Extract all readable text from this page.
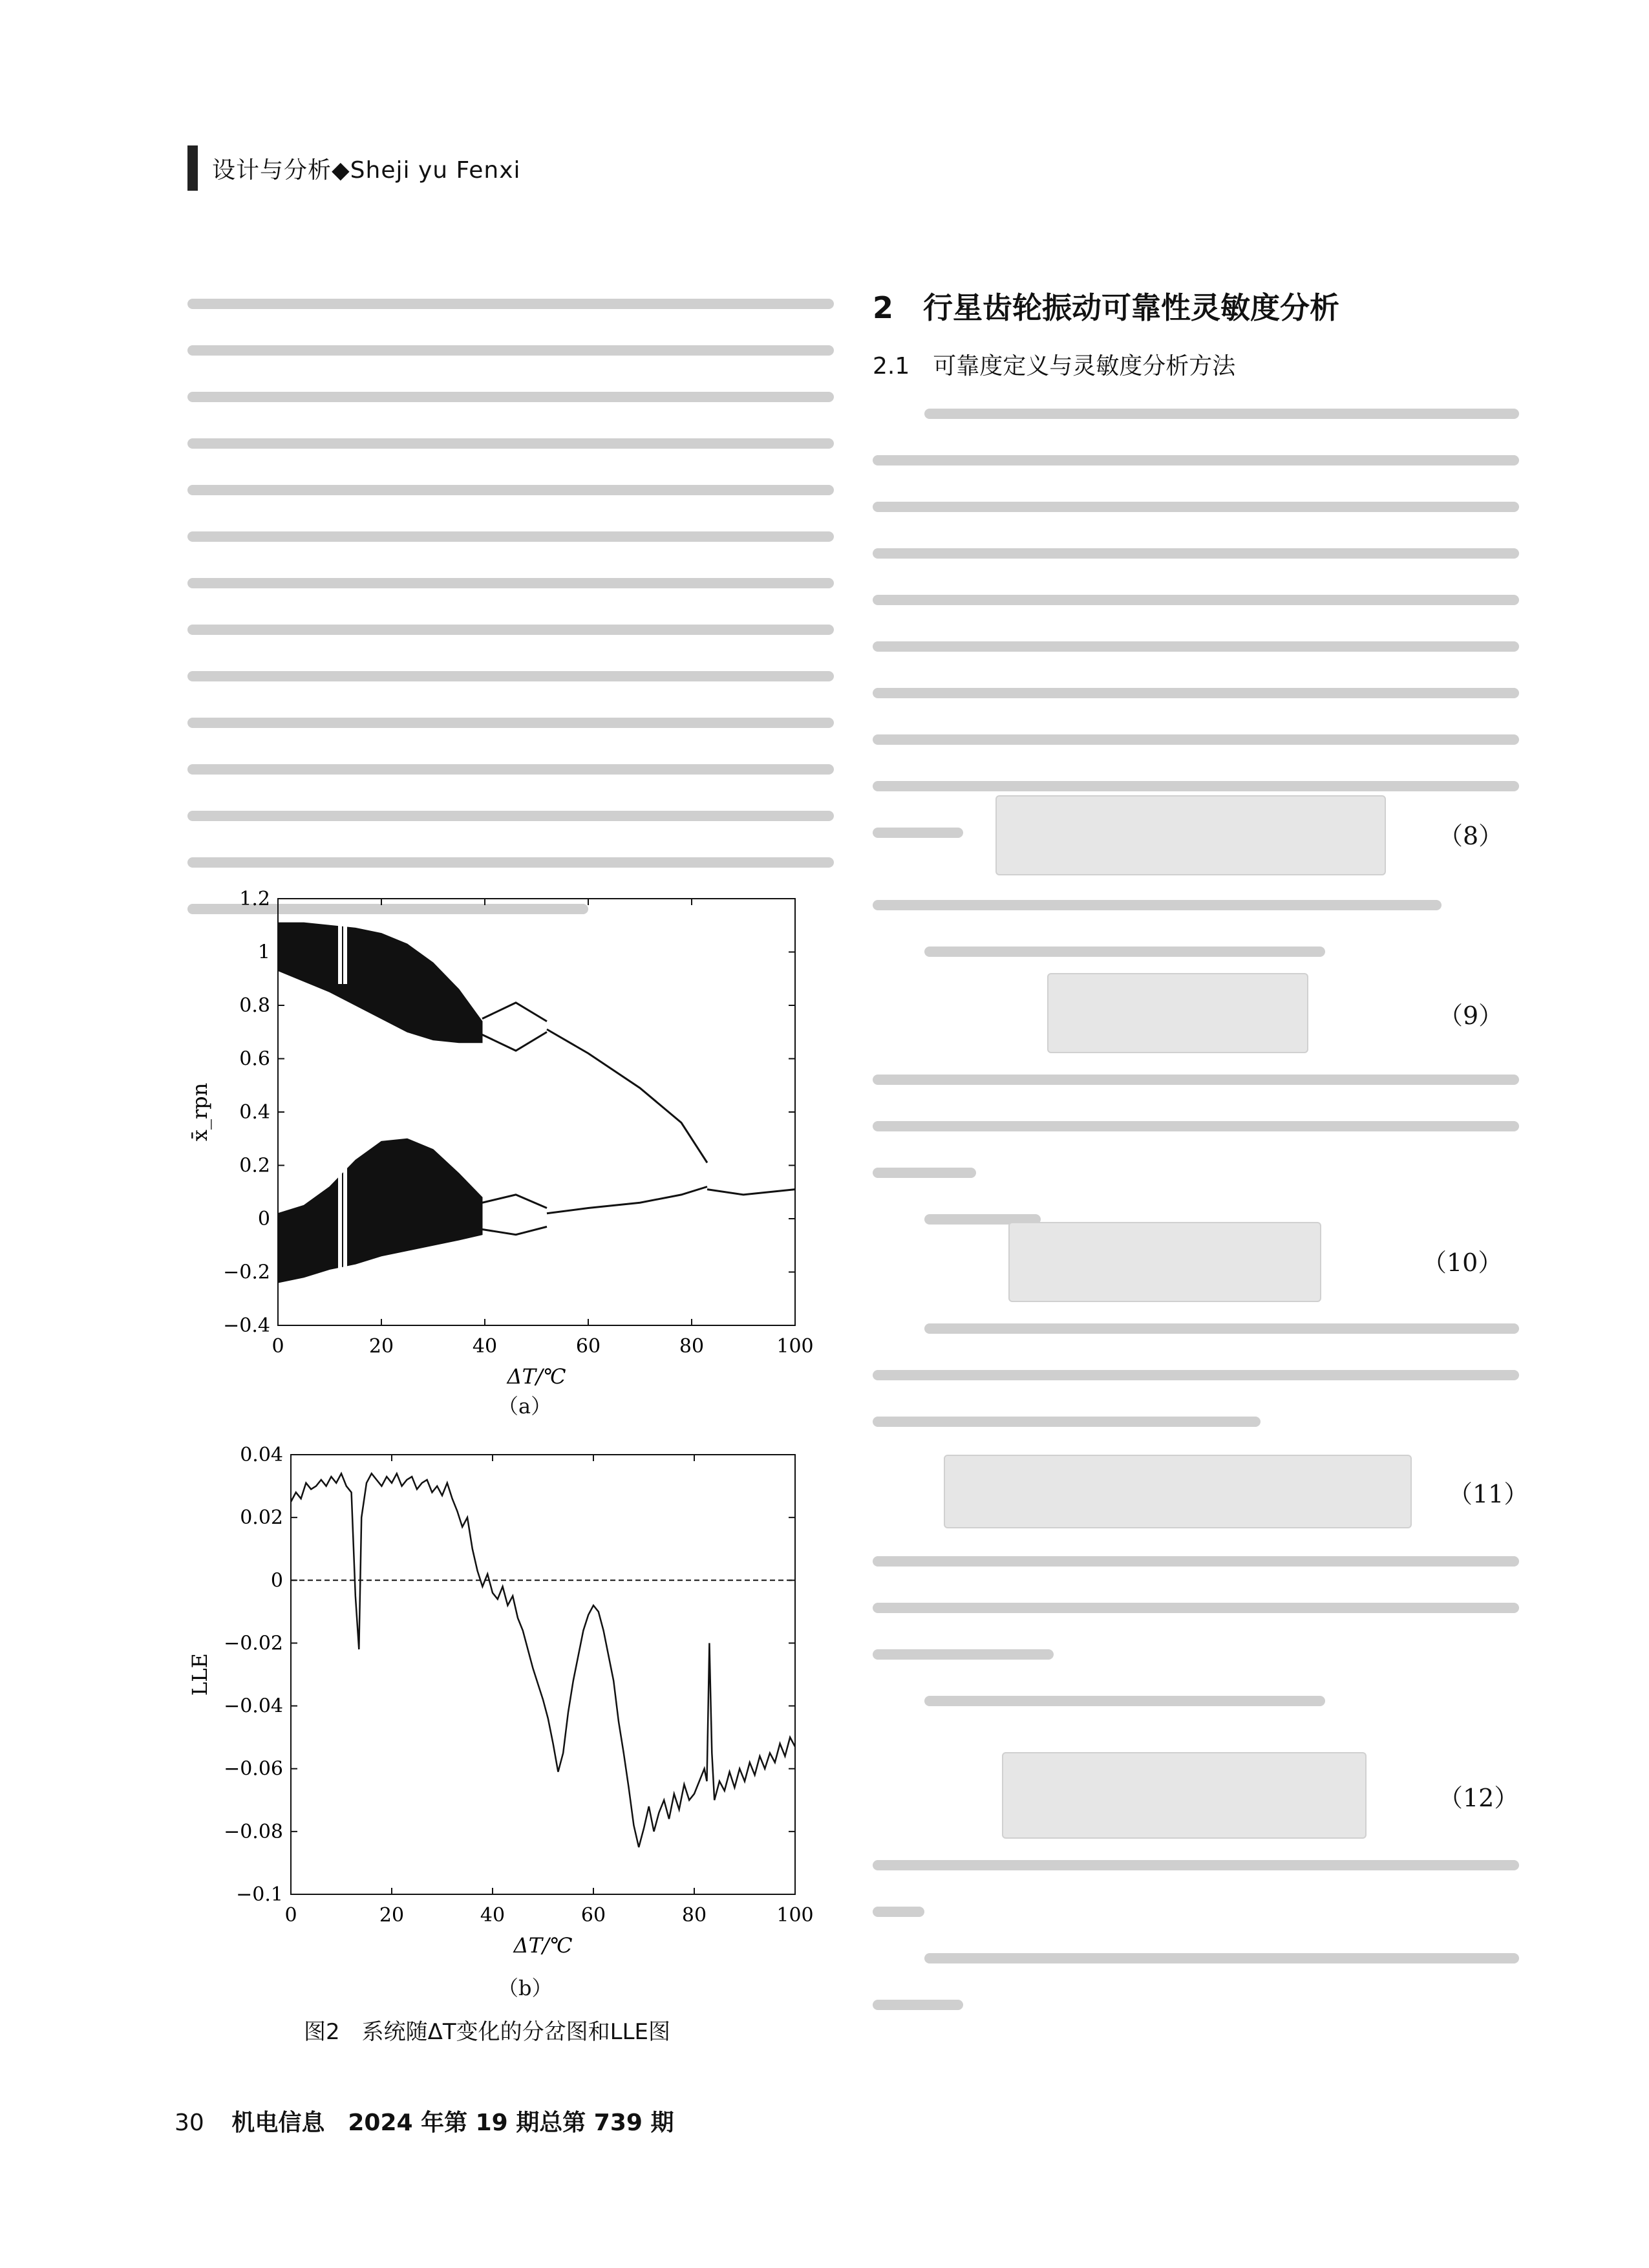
设计与分析◆Sheji yu Fenxi
0	20	40	60	80	100
1.2
1
0.8
0.6
0.4
0.2
0
−0.2
−0.4
ΔT/℃
x̄_rpn
（a）
0	20	40	60	80	100
0.04
0.02
0
−0.02
−0.04
−0.06
−0.08
−0.1
ΔT/℃
LLE
（b）
图2　系统随ΔT变化的分岔图和LLE图
2　行星齿轮振动可靠性灵敏度分析
2.1　可靠度定义与灵敏度分析方法
（8）
（9）
（10）
（11）
（12）
30 机电信息　2024 年第 19 期总第 739 期
